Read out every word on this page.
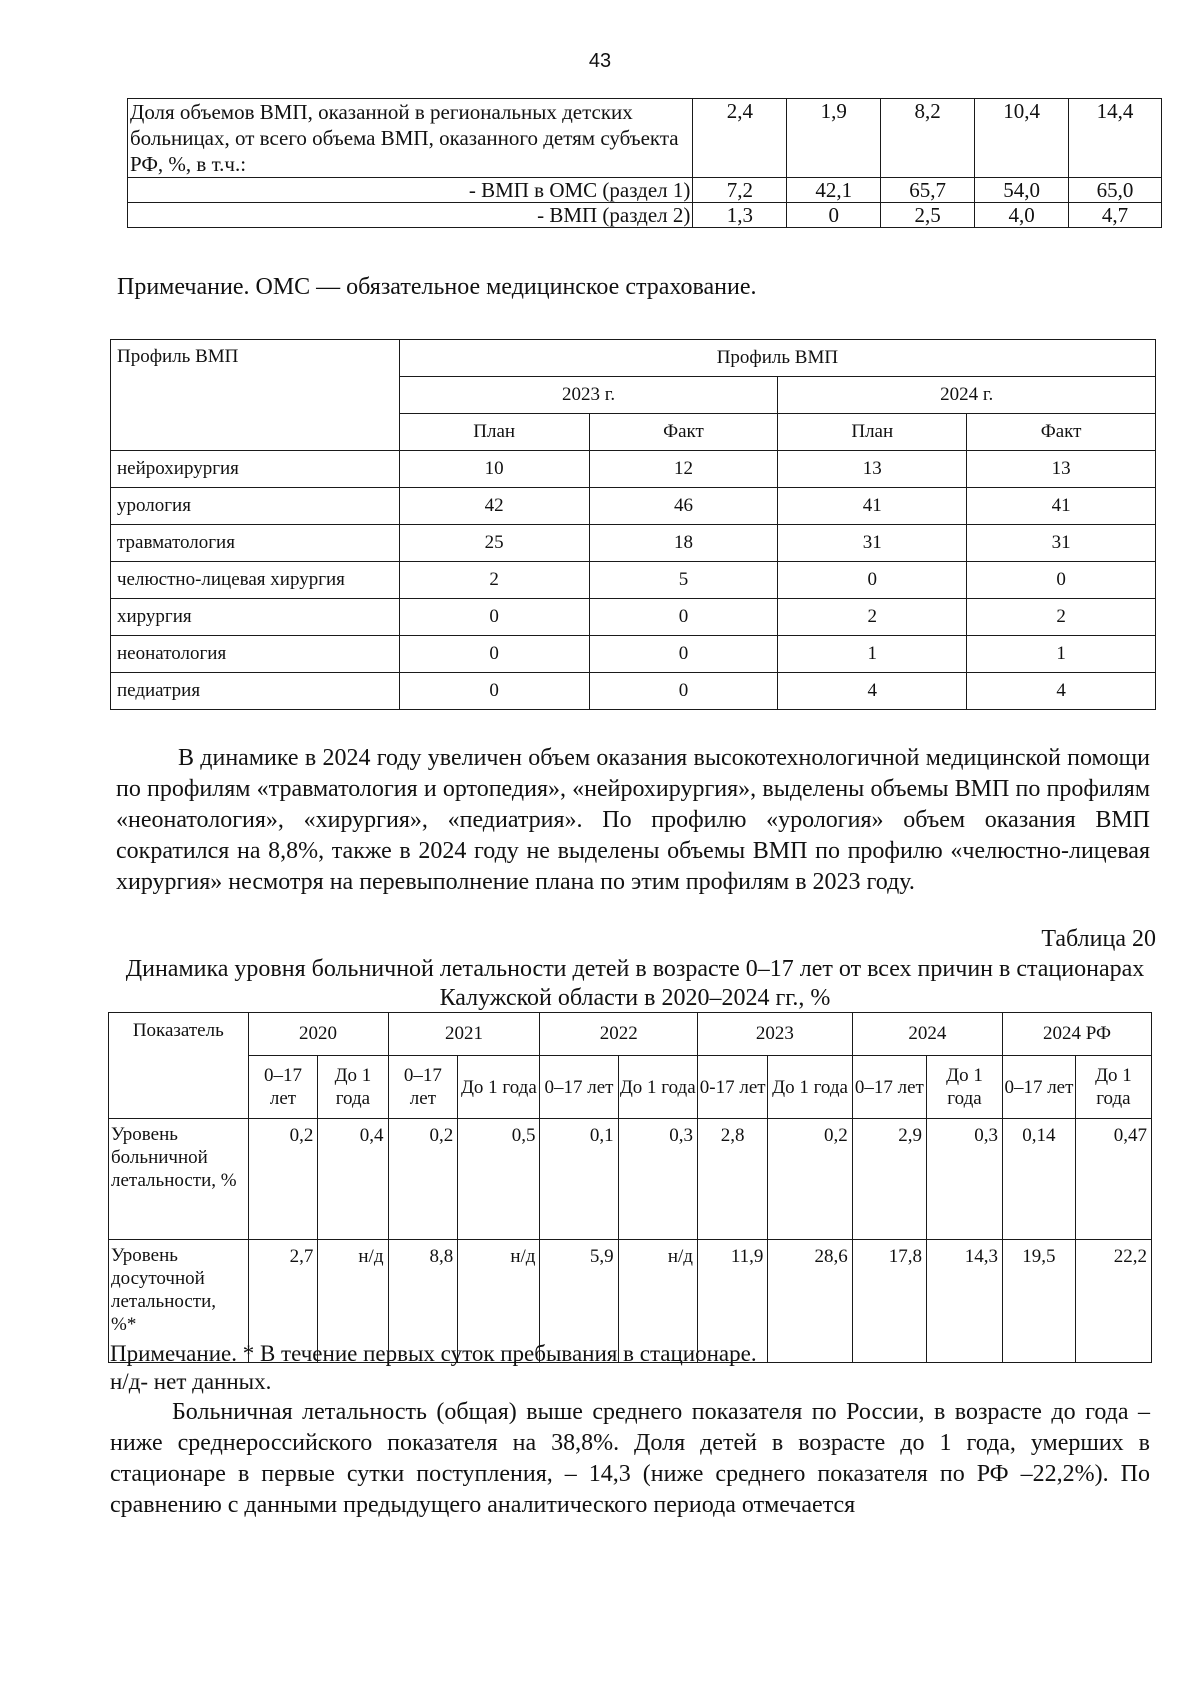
43
Доля объемов ВМП, оказанной в региональных детских больницах, от всего объема ВМП, оказанного детям субъекта РФ, %, в т.ч.:	2,4	1,9	8,2	10,4	14,4
- ВМП в ОМС (раздел 1)	7,2	42,1	65,7	54,0	65,0
- ВМП (раздел 2)	1,3	0	2,5	4,0	4,7
Примечание. ОМС — обязательное медицинское страхование.
Профиль ВМП	Профиль ВМП			
	2023 г.		2024 г.	
	План	Факт	План	Факт
нейрохирургия	10	12	13	13
урология	42	46	41	41
травматология	25	18	31	31
челюстно-лицевая хирургия	2	5	0	0
хирургия	0	0	2	2
неонатология	0	0	1	1
педиатрия	0	0	4	4
В динамике в 2024 году увеличен объем оказания высокотехнологичной медицинской помощи по профилям «травматология и ортопедия», «нейрохирургия», выделены объемы ВМП по профилям «неонатология», «хирургия», «педиатрия». По профилю «урология» объем оказания ВМП сократился на 8,8%, также в 2024 году не выделены объемы ВМП по профилю «челюстно-лицевая хирургия» несмотря на перевыполнение плана по этим профилям в 2023 году.
Таблица 20
Динамика уровня больничной летальности детей в возрасте 0–17 лет от всех причин в стационарах Калужской области в 2020–2024 гг., %
Показатель	2020		2021		2022		2023		2024		2024 РФ	
	0–17 лет	До 1 года	0–17 лет	До 1 года	0–17 лет	До 1 года	0-17 лет	До 1 года	0–17 лет	До 1 года	0–17 лет	До 1 года
Уровень больничной летальности, %	0,2	0,4	0,2	0,5	0,1	0,3	2,8	0,2	2,9	0,3	0,14	0,47
Уровень досуточной летальности, %*	2,7	н/д	8,8	н/д	5,9	н/д	11,9	28,6	17,8	14,3	19,5	22,2
Примечание. * В течение первых суток пребывания в стационаре.
н/д- нет данных.
Больничная летальность (общая) выше среднего показателя по России, в возрасте до года – ниже среднероссийского показателя на 38,8%. Доля детей в возрасте до 1 года, умерших в стационаре в первые сутки поступления, – 14,3 (ниже среднего показателя по РФ –22,2%). По сравнению с данными предыдущего аналитического периода отмечается
